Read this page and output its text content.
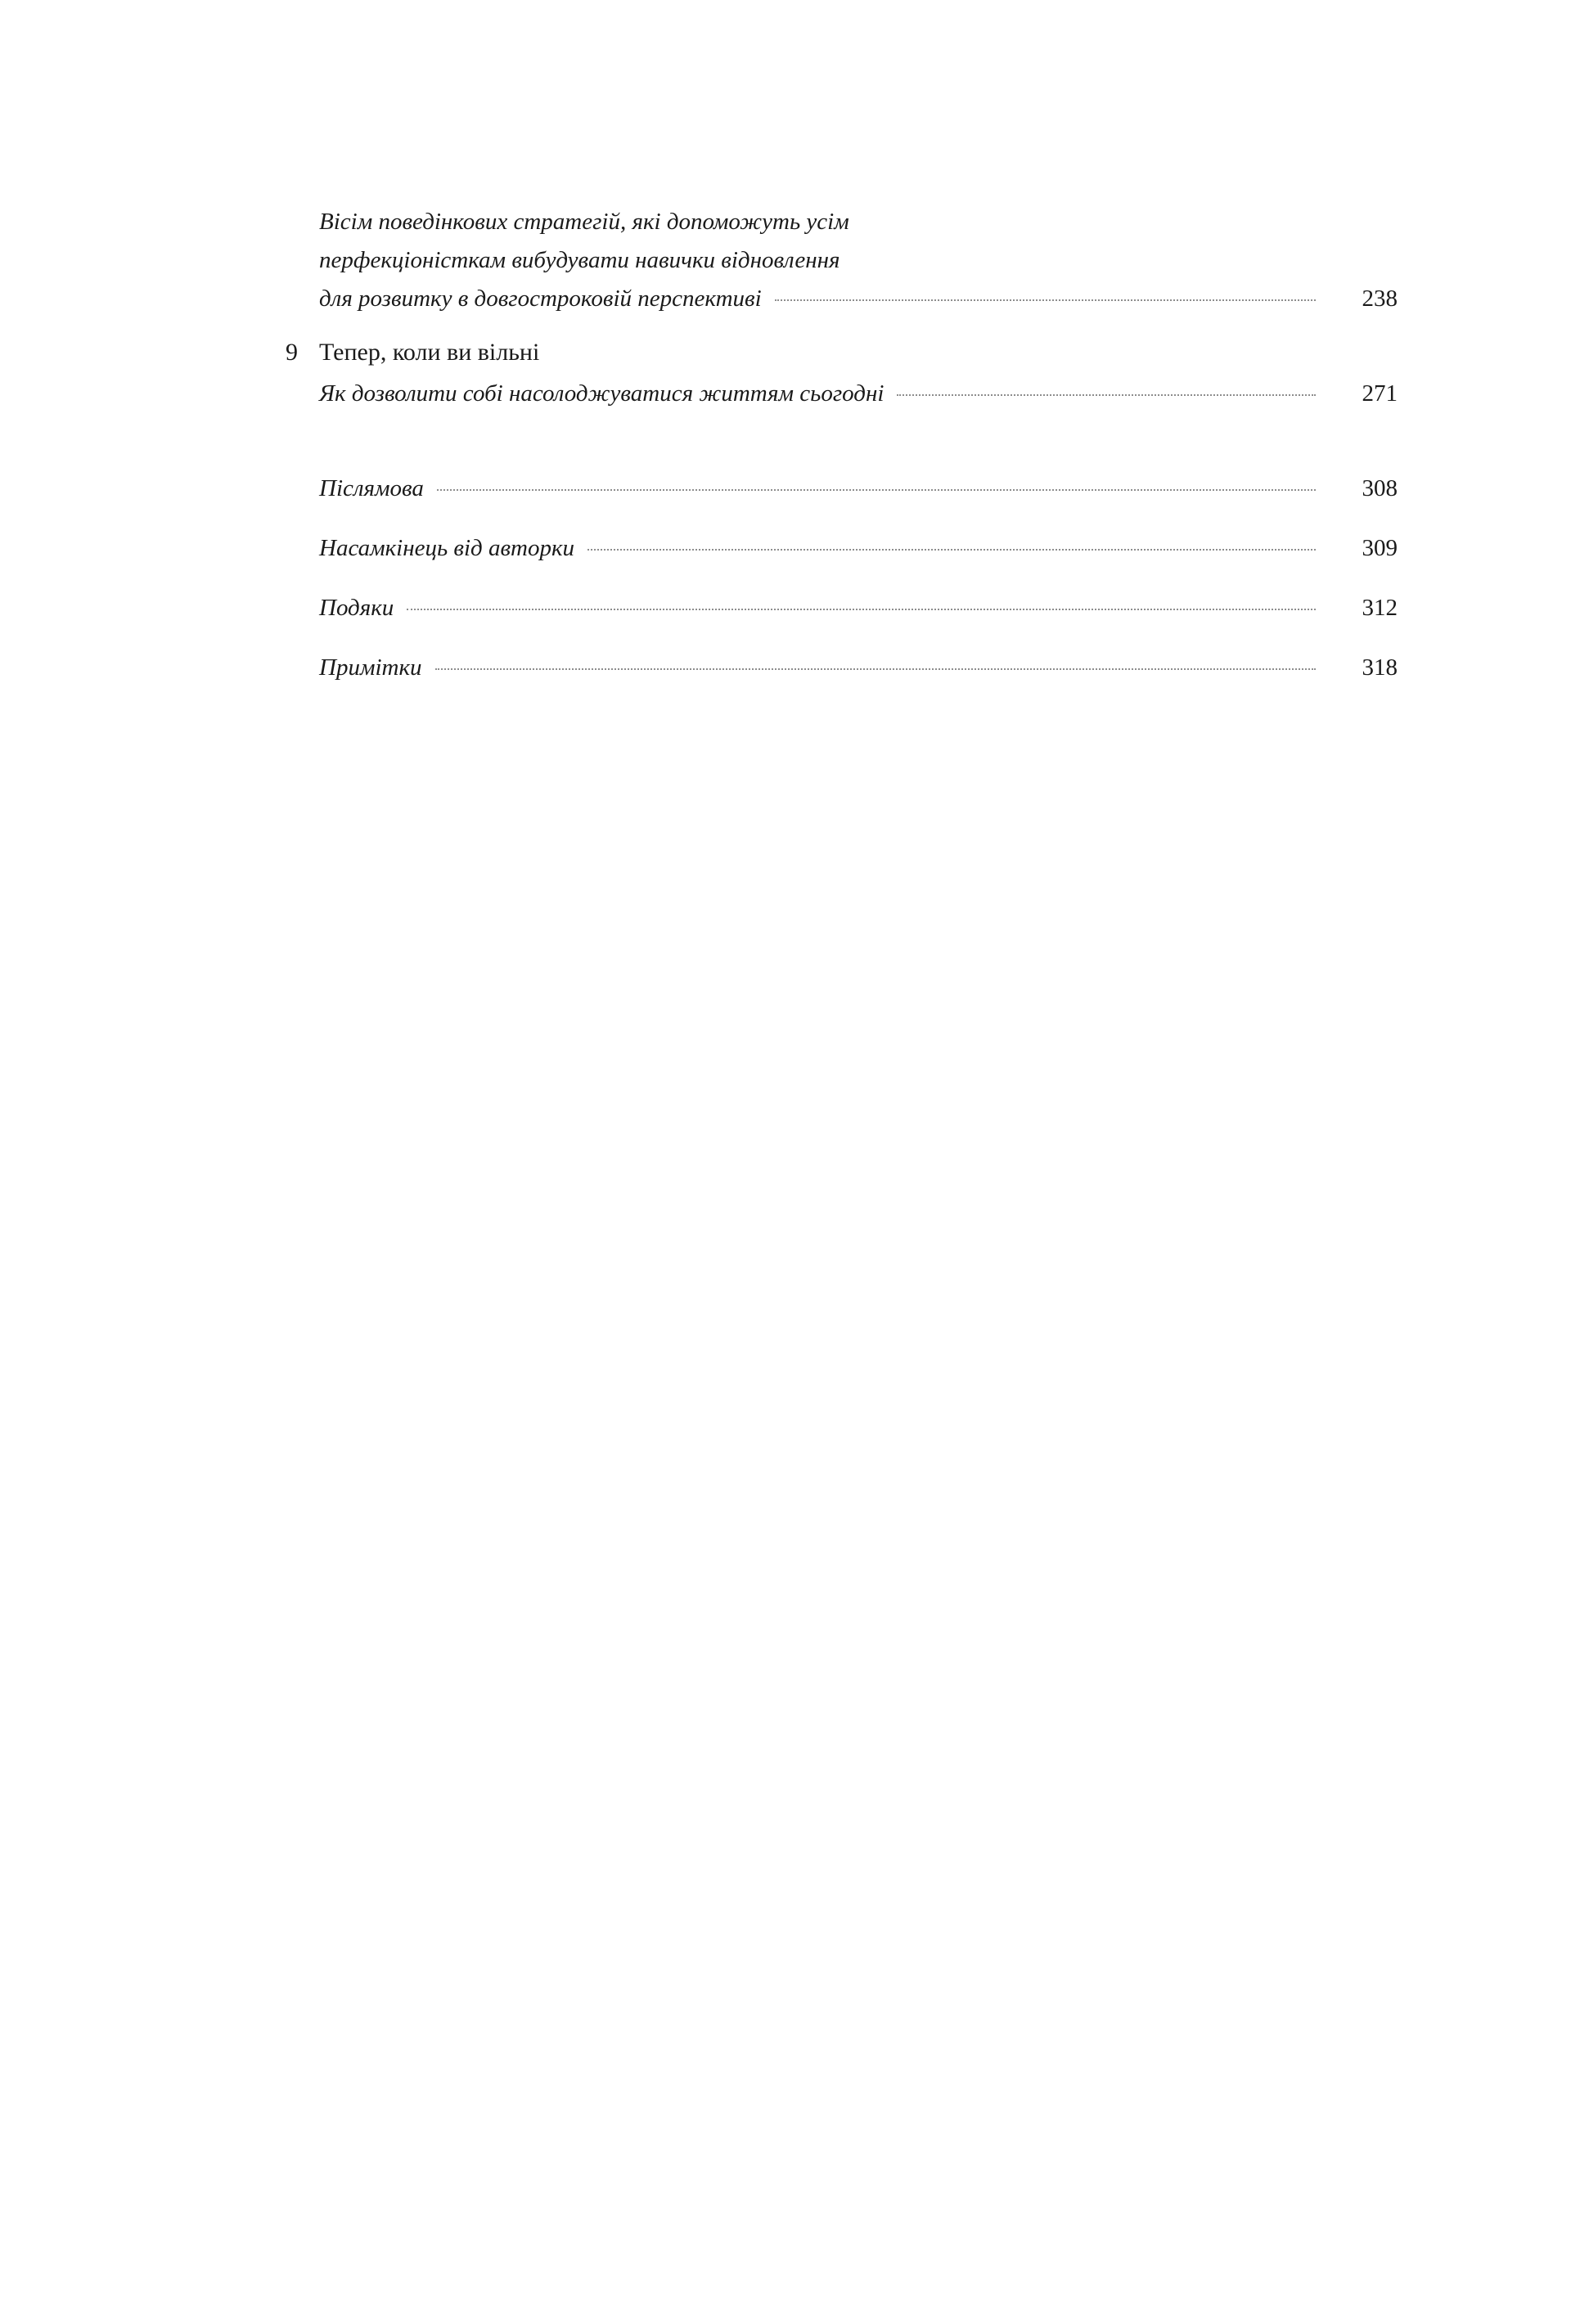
Вісім поведінкових стратегій, які допоможуть усім
перфекціоністкам вибудувати навички відновлення
для розвитку в довгостроковій перспективі	238
9 Тепер, коли ви вільні
Як дозволити собі насолоджуватися життям сьогодні	271
Післямова	308
Насамкінець від авторки	309
Подяки	312
Примітки	318
